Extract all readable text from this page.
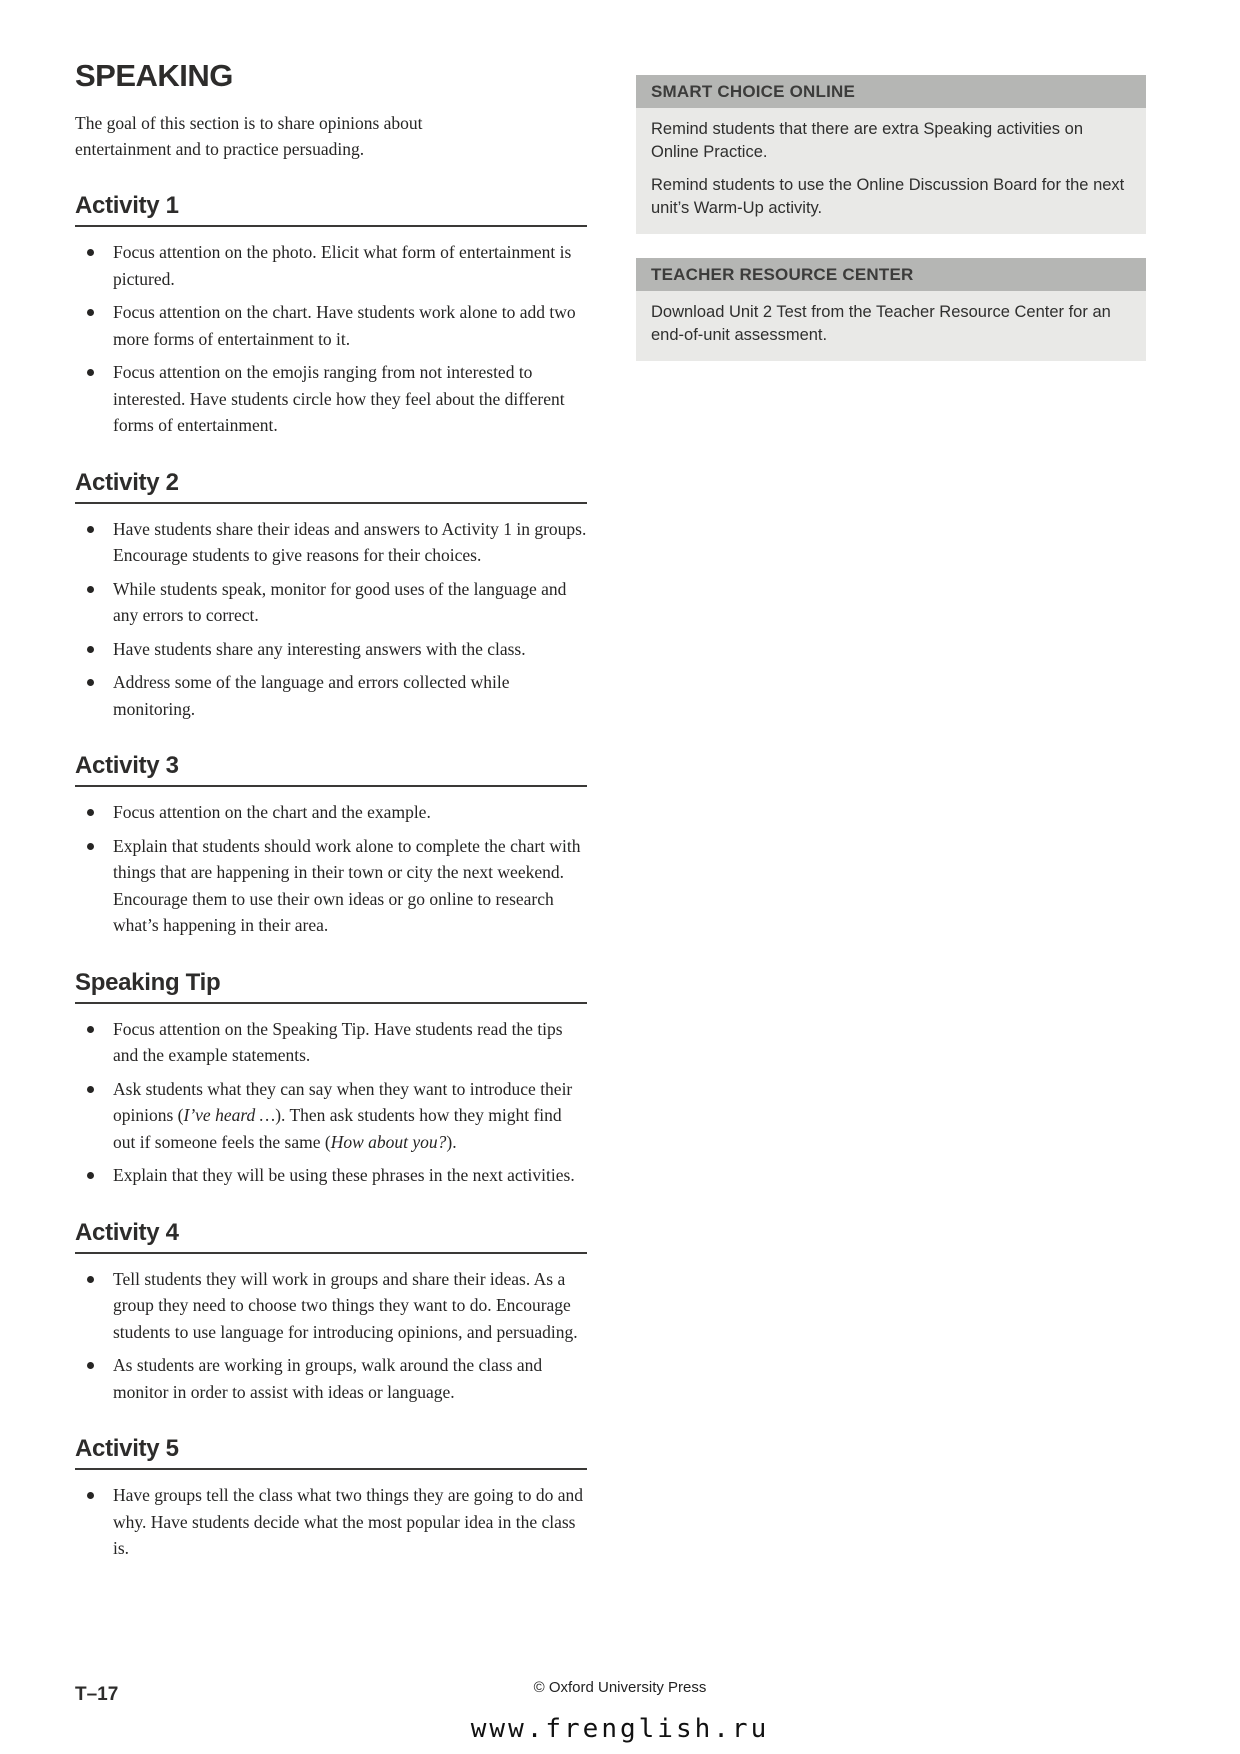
SPEAKING

The goal of this section is to share opinions about entertainment and to practice persuading.

Activity 1
Focus attention on the photo. Elicit what form of entertainment is pictured.
Focus attention on the chart. Have students work alone to add two more forms of entertainment to it.
Focus attention on the emojis ranging from not interested to interested. Have students circle how they feel about the different forms of entertainment.
Activity 2
Have students share their ideas and answers to Activity 1 in groups. Encourage students to give reasons for their choices.
While students speak, monitor for good uses of the language and any errors to correct.
Have students share any interesting answers with the class.
Address some of the language and errors collected while monitoring.
Activity 3
Focus attention on the chart and the example.
Explain that students should work alone to complete the chart with things that are happening in their town or city the next weekend. Encourage them to use their own ideas or go online to research what’s happening in their area.
Speaking Tip
Focus attention on the Speaking Tip. Have students read the tips and the example statements.
Ask students what they can say when they want to introduce their opinions (I’ve heard …). Then ask students how they might find out if someone feels the same (How about you?).
Explain that they will be using these phrases in the next activities.
Activity 4
Tell students they will work in groups and share their ideas. As a group they need to choose two things they want to do. Encourage students to use language for introducing opinions, and persuading.
As students are working in groups, walk around the class and monitor in order to assist with ideas or language.
Activity 5
Have groups tell the class what two things they are going to do and why. Have students decide what the most popular idea in the class is.
SMART CHOICE ONLINE

Remind students that there are extra Speaking activities on Online Practice.

Remind students to use the Online Discussion Board for the next unit’s Warm-Up activity.

TEACHER RESOURCE CENTER

Download Unit 2 Test from the Teacher Resource Center for an end-of-unit assessment.

T–17	© Oxford University Press
www.frenglish.ru
